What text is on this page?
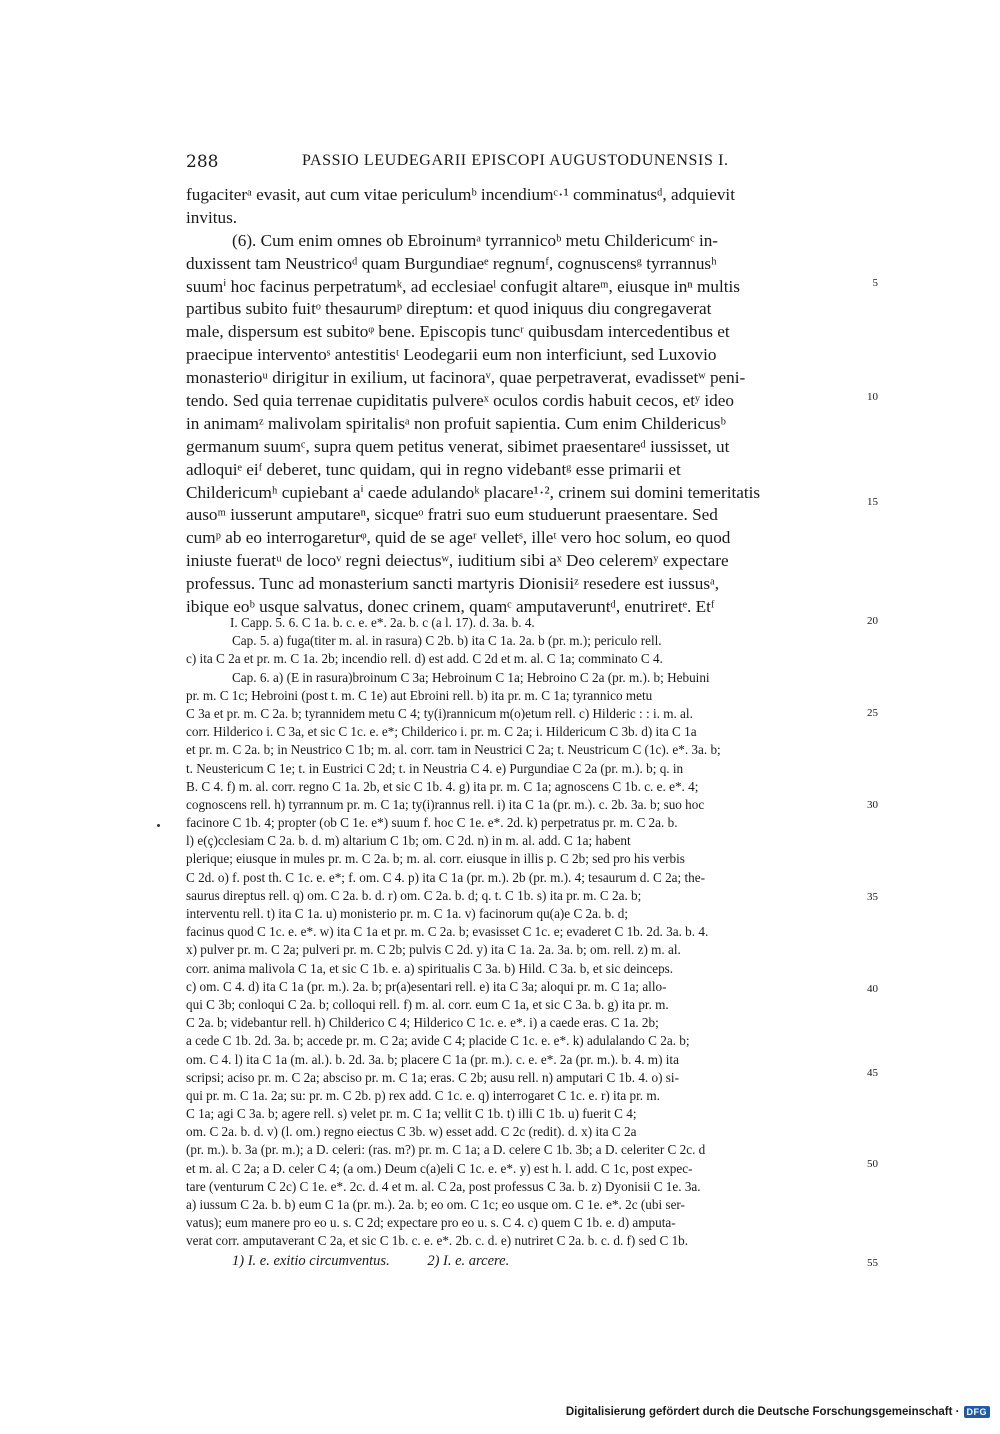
288	PASSIO LEUDEGARII EPISCOPI AUGUSTODUNENSIS I.
fugaciterᵃ evasit, aut cum vitae periculumᵇ incendiumᶜ·¹ comminatusᵈ, adquievit
invitus.
(6). Cum enim omnes ob Ebroinumᵃ tyrrannicoᵇ metu Childericumᶜ in-
duxissent tam Neustricoᵈ quam Burgundiaeᵉ regnumᶠ, cognuscensᵍ tyrrannusʰ
suumⁱ hoc facinus perpetratumᵏ, ad ecclesiaeˡ confugit altareᵐ, eiusque inⁿ multis
partibus subito fuitᵒ thesaurumᵖ direptum: et quod iniquus diu congregaverat
male, dispersum est subitoᵠ bene. Episcopis tuncʳ quibusdam intercedentibus et
praecipue interventoˢ antestitisᵗ Leodegarii eum non interficiunt, sed Luxovio
monasterioᵘ dirigitur in exilium, ut facinoraᵛ, quae perpetraverat, evadissetʷ peni-
tendo. Sed quia terrenae cupiditatis pulvereˣ oculos cordis habuit cecos, etʸ ideo
in animamᶻ malivolam spiritalisᵃ non profuit sapientia. Cum enim Childericusᵇ
germanum suumᶜ, supra quem petitus venerat, sibimet praesentareᵈ iussisset, ut
adloquiᵉ eiᶠ deberet, tunc quidam, qui in regno videbantᵍ esse primarii et
Childericumʰ cupiebant aⁱ caede adulandoᵏ placare¹·², crinem sui domini temeritatis
ausoᵐ iusserunt amputareⁿ, sicqueᵒ fratri suo eum studuerunt praesentare. Sed
cumᵖ ab eo interrogareturᵠ, quid de se ageʳ velletˢ, illeᵗ vero hoc solum, eo quod
iniuste fueratᵘ de locoᵛ regni deiectusʷ, iuditium sibi aˣ Deo celeremʸ expectare
professus. Tunc ad monasterium sancti martyris Dionisiiᶻ resedere est iussusᵃ,
ibique eoᵇ usque salvatus, donec crinem, quamᶜ amputaveruntᵈ, enutriretᵉ. Etᶠ
5
10
15
I. Capp. 5. 6. C 1a. b. c. e. e*. 2a. b. c (a l. 17). d. 3a. b. 4.
Cap. 5. a) fuga(titer m. al. in rasura) C 2b. b) ita C 1a. 2a. b (pr. m.); periculo rell.
c) ita C 2a et pr. m. C 1a. 2b; incendio rell. d) est add. C 2d et m. al. C 1a; comminato C 4.
Cap. 6. a) (E in rasura)broinum C 3a; Hebroinum C 1a; Hebroino C 2a (pr. m.). b; Hebuini
pr. m. C 1c; Hebroini (post t. m. C 1e) aut Ebroini rell. b) ita pr. m. C 1a; tyrannico metu
C 3a et pr. m. C 2a. b; tyrannidem metu C 4; ty(i)rannicum m(o)etum rell. c) Hilderic : : i. m. al.
corr. Hilderico i. C 3a, et sic C 1c. e. e*; Childerico i. pr. m. C 2a; i. Hildericum C 3b. d) ita C 1a
et pr. m. C 2a. b; in Neustrico C 1b; m. al. corr. tam in Neustrici C 2a; t. Neustricum C (1c). e*. 3a. b;
t. Neustericum C 1e; t. in Eustrici C 2d; t. in Neustria C 4. e) Purgundiae C 2a (pr. m.). b; q. in
B. C 4. f) m. al. corr. regno C 1a. 2b, et sic C 1b. 4. g) ita pr. m. C 1a; agnoscens C 1b. c. e. e*. 4;
cognoscens rell. h) tyrrannum pr. m. C 1a; ty(i)rannus rell. i) ita C 1a (pr. m.). c. 2b. 3a. b; suo hoc
facinore C 1b. 4; propter (ob C 1e. e*) suum f. hoc C 1e. e*. 2d. k) perpetratus pr. m. C 2a. b.
l) e(ç)cclesiam C 2a. b. d. m) altarium C 1b; om. C 2d. n) in m. al. add. C 1a; habent
plerique; eiusque in mules pr. m. C 2a. b; m. al. corr. eiusque in illis p. C 2b; sed pro his verbis
C 2d. o) f. post th. C 1c. e. e*; f. om. C 4. p) ita C 1a (pr. m.). 2b (pr. m.). 4; tesaurum d. C 2a; the-
saurus direptus rell. q) om. C 2a. b. d. r) om. C 2a. b. d; q. t. C 1b. s) ita pr. m. C 2a. b;
interventu rell. t) ita C 1a. u) monisterio pr. m. C 1a. v) facinorum qu(a)e C 2a. b. d;
facinus quod C 1c. e. e*. w) ita C 1a et pr. m. C 2a. b; evasisset C 1c. e; evaderet C 1b. 2d. 3a. b. 4.
x) pulver pr. m. C 2a; pulveri pr. m. C 2b; pulvis C 2d. y) ita C 1a. 2a. 3a. b; om. rell. z) m. al.
corr. anima malivola C 1a, et sic C 1b. e. a) spiritualis C 3a. b) Hild. C 3a. b, et sic deinceps.
c) om. C 4. d) ita C 1a (pr. m.). 2a. b; pr(a)esentari rell. e) ita C 3a; aloqui pr. m. C 1a; allo-
qui C 3b; conloqui C 2a. b; colloqui rell. f) m. al. corr. eum C 1a, et sic C 3a. b. g) ita pr. m.
C 2a. b; videbantur rell. h) Childerico C 4; Hilderico C 1c. e. e*. i) a caede eras. C 1a. 2b;
a cede C 1b. 2d. 3a. b; accede pr. m. C 2a; avide C 4; placide C 1c. e. e*. k) adulalando C 2a. b;
om. C 4. l) ita C 1a (m. al.). b. 2d. 3a. b; placere C 1a (pr. m.). c. e. e*. 2a (pr. m.). b. 4. m) ita
scripsi; aciso pr. m. C 2a; absciso pr. m. C 1a; eras. C 2b; ausu rell. n) amputari C 1b. 4. o) si-
qui pr. m. C 1a. 2a; su: pr. m. C 2b. p) rex add. C 1c. e. q) interrogaret C 1c. e. r) ita pr. m.
C 1a; agi C 3a. b; agere rell. s) velet pr. m. C 1a; vellit C 1b. t) illi C 1b. u) fuerit C 4;
om. C 2a. b. d. v) (l. om.) regno eiectus C 3b. w) esset add. C 2c (redit). d. x) ita C 2a
(pr. m.). b. 3a (pr. m.); a D. celeri: (ras. m?) pr. m. C 1a; a D. celere C 1b. 3b; a D. celeriter C 2c. d
et m. al. C 2a; a D. celer C 4; (a om.) Deum c(a)eli C 1c. e. e*. y) est h. l. add. C 1c, post expec-
tare (venturum C 2c) C 1e. e*. 2c. d. 4 et m. al. C 2a, post professus C 3a. b. z) Dyonisii C 1e. 3a.
a) iussum C 2a. b. b) eum C 1a (pr. m.). 2a. b; eo om. C 1c; eo usque om. C 1e. e*. 2c (ubi ser-
vatus); eum manere pro eo u. s. C 2d; expectare pro eo u. s. C 4. c) quem C 1b. e. d) amputa-
verat corr. amputaverant C 2a, et sic C 1b. c. e. e*. 2b. c. d. e) nutriret C 2a. b. c. d. f) sed C 1b.
20
25
30
35
40
45
50
1) I. e. exitio circumventus.	2) I. e. arcere.	55
Digitalisierung gefördert durch die Deutsche Forschungsgemeinschaft · DFG
